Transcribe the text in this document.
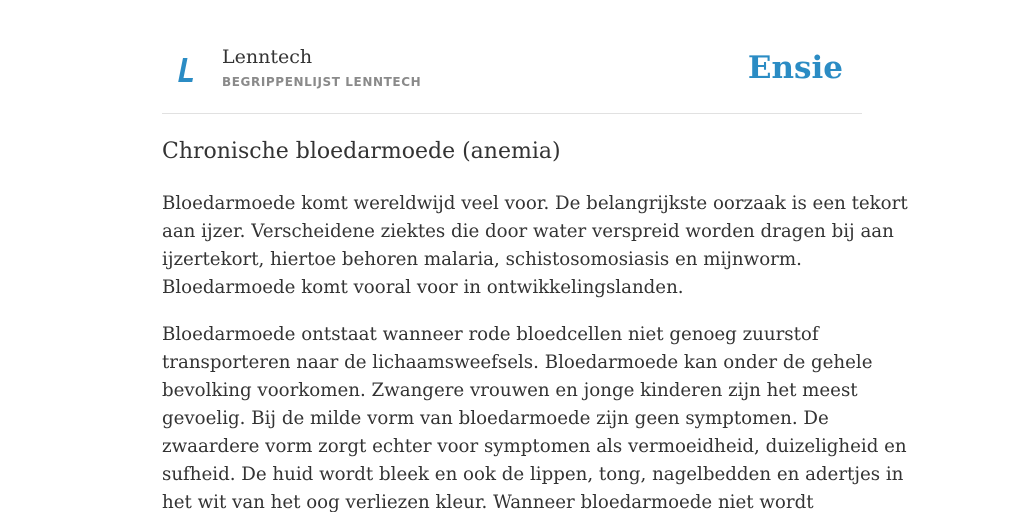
Lenntech
BEGRIPPENLIJST LENNTECH	Ensie
Chronische bloedarmoede (anemia)

Bloedarmoede komt wereldwijd veel voor. De belangrijkste oorzaak is een tekort
aan ijzer. Verscheidene ziektes die door water verspreid worden dragen bij aan
ijzertekort, hiertoe behoren malaria, schistosomosiasis en mijnworm.
Bloedarmoede komt vooral voor in ontwikkelingslanden.

Bloedarmoede ontstaat wanneer rode bloedcellen niet genoeg zuurstof
transporteren naar de lichaamsweefsels. Bloedarmoede kan onder de gehele
bevolking voorkomen. Zwangere vrouwen en jonge kinderen zijn het meest
gevoelig. Bij de milde vorm van bloedarmoede zijn geen symptomen. De
zwaardere vorm zorgt echter voor symptomen als vermoeidheid, duizeligheid en
sufheid. De huid wordt bleek en ook de lippen, tong, nagelbedden en adertjes in
het wit van het oog verliezen kleur. Wanneer bloedarmoede niet wordt
